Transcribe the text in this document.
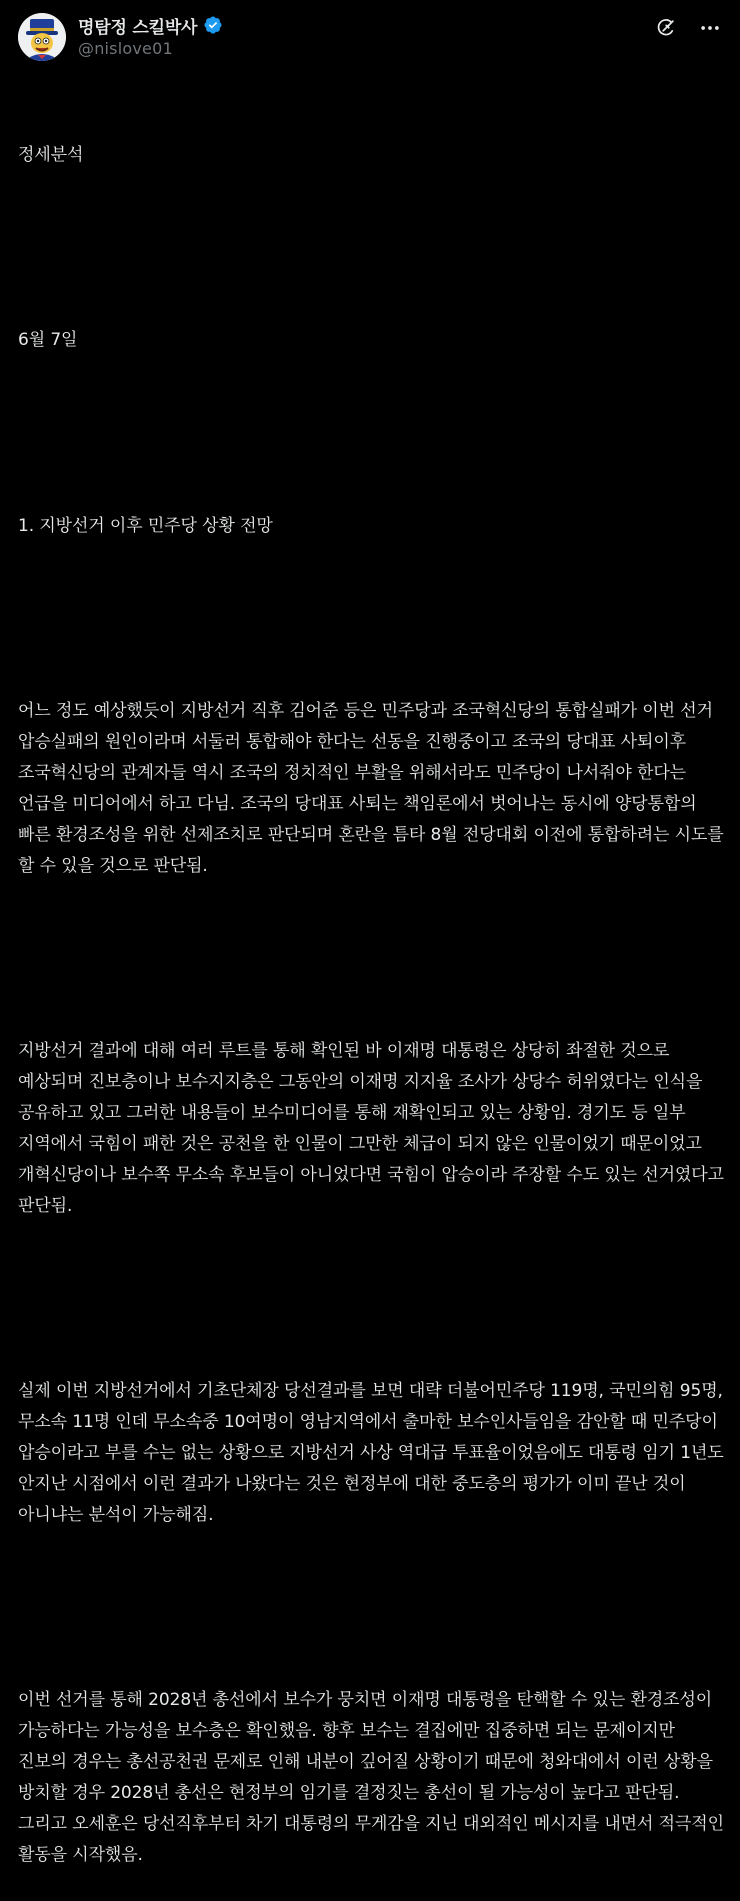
명탐정 스킬박사
@nislove01

정세분석

6월 7일

1. 지방선거 이후 민주당 상황 전망

어느 정도 예상했듯이 지방선거 직후 김어준 등은 민주당과 조국혁신당의 통합실패가 이번 선거 압승실패의 원인이라며 서둘러 통합해야 한다는 선동을 진행중이고 조국의 당대표 사퇴이후 조국혁신당의 관계자들 역시 조국의 정치적인 부활을 위해서라도 민주당이 나서줘야 한다는 언급을 미디어에서 하고 다님. 조국의 당대표 사퇴는 책임론에서 벗어나는 동시에 양당통합의 빠른 환경조성을 위한 선제조치로 판단되며 혼란을 틈타 8월 전당대회 이전에 통합하려는 시도를 할 수 있을 것으로 판단됨.

지방선거 결과에 대해 여러 루트를 통해 확인된 바 이재명 대통령은 상당히 좌절한 것으로 예상되며 진보층이나 보수지지층은 그동안의 이재명 지지율 조사가 상당수 허위였다는 인식을 공유하고 있고 그러한 내용들이 보수미디어를 통해 재확인되고 있는 상황임. 경기도 등 일부 지역에서 국힘이 패한 것은 공천을 한 인물이 그만한 체급이 되지 않은 인물이었기 때문이었고 개혁신당이나 보수쪽 무소속 후보들이 아니었다면 국힘이 압승이라 주장할 수도 있는 선거였다고 판단됨.

실제 이번 지방선거에서 기초단체장 당선결과를 보면 대략 더불어민주당 119명, 국민의힘 95명, 무소속 11명 인데 무소속중 10여명이 영남지역에서 출마한 보수인사들임을 감안할 때 민주당이 압승이라고 부를 수는 없는 상황으로 지방선거 사상 역대급 투표율이었음에도 대통령 임기 1년도 안지난 시점에서 이런 결과가 나왔다는 것은 현정부에 대한 중도층의 평가가 이미 끝난 것이 아니냐는 분석이 가능해짐.

이번 선거를 통해 2028년 총선에서 보수가 뭉치면 이재명 대통령을 탄핵할 수 있는 환경조성이 가능하다는 가능성을 보수층은 확인했음. 향후 보수는 결집에만 집중하면 되는 문제이지만 진보의 경우는 총선공천권 문제로 인해 내분이 깊어질 상황이기 때문에 청와대에서 이런 상황을 방치할 경우 2028년 총선은 현정부의 임기를 결정짓는 총선이 될 가능성이 높다고 판단됨. 그리고 오세훈은 당선직후부터 차기 대통령의 무게감을 지닌 대외적인 메시지를 내면서 적극적인 활동을 시작했음.
